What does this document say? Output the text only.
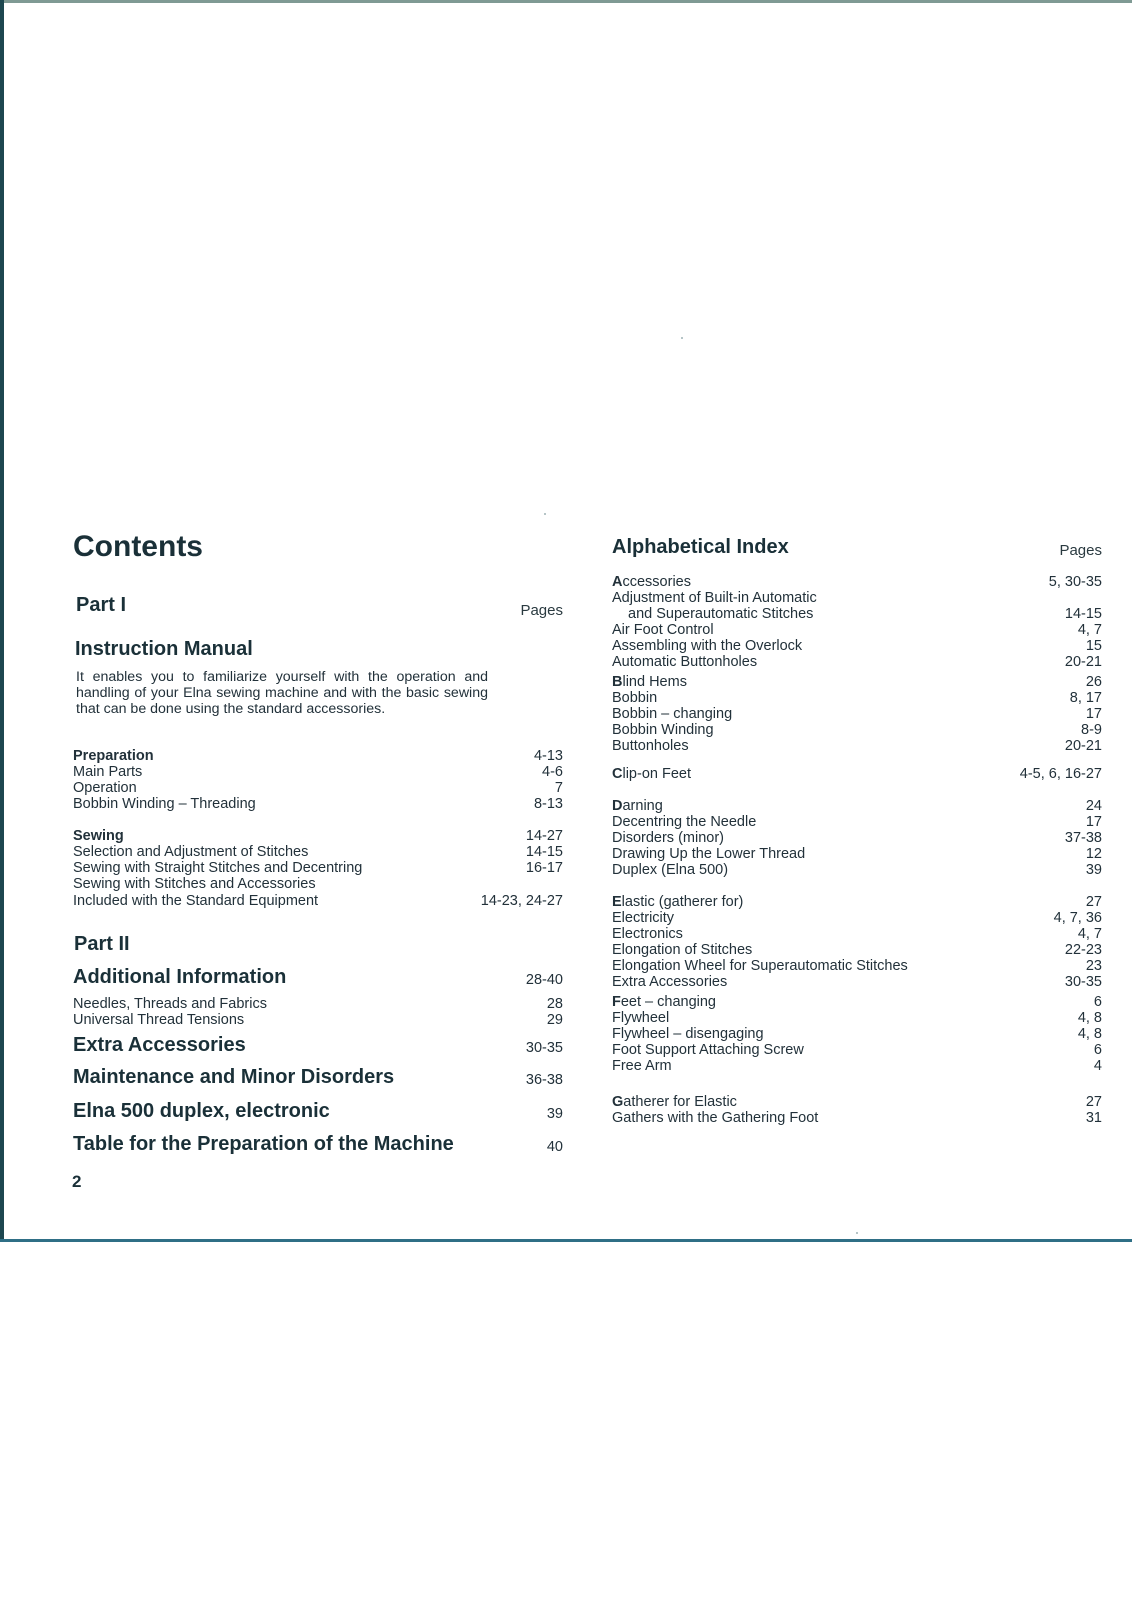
Contents
Part I	Pages
Instruction Manual
It enables you to familiarize yourself with the operation and handling of your Elna sewing machine and with the basic sewing that can be done using the standard accessories.
Preparation	4-13
Main Parts	4-6
Operation	7
Bobbin Winding – Threading	8-13
Sewing	14-27
Selection and Adjustment of Stitches	14-15
Sewing with Straight Stitches and Decentring	16-17
Sewing with Stitches and Accessories
Included with the Standard Equipment	14-23, 24-27
Part II
Additional Information	28-40
Needles, Threads and Fabrics	28
Universal Thread Tensions	29
Extra Accessories	30-35
Maintenance and Minor Disorders	36-38
Elna 500 duplex, electronic	39
Table for the Preparation of the Machine	40
2
Alphabetical Index	Pages
Accessories	5, 30-35
Adjustment of Built-in Automatic
and Superautomatic Stitches	14-15
Air Foot Control	4, 7
Assembling with the Overlock	15
Automatic Buttonholes	20-21
Blind Hems	26
Bobbin	8, 17
Bobbin – changing	17
Bobbin Winding	8-9
Buttonholes	20-21
Clip-on Feet	4-5, 6, 16-27
Darning	24
Decentring the Needle	17
Disorders (minor)	37-38
Drawing Up the Lower Thread	12
Duplex (Elna 500)	39
Elastic (gatherer for)	27
Electricity	4, 7, 36
Electronics	4, 7
Elongation of Stitches	22-23
Elongation Wheel for Superautomatic Stitches	23
Extra Accessories	30-35
Feet – changing	6
Flywheel	4, 8
Flywheel – disengaging	4, 8
Foot Support Attaching Screw	6
Free Arm	4
Gatherer for Elastic	27
Gathers with the Gathering Foot	31
